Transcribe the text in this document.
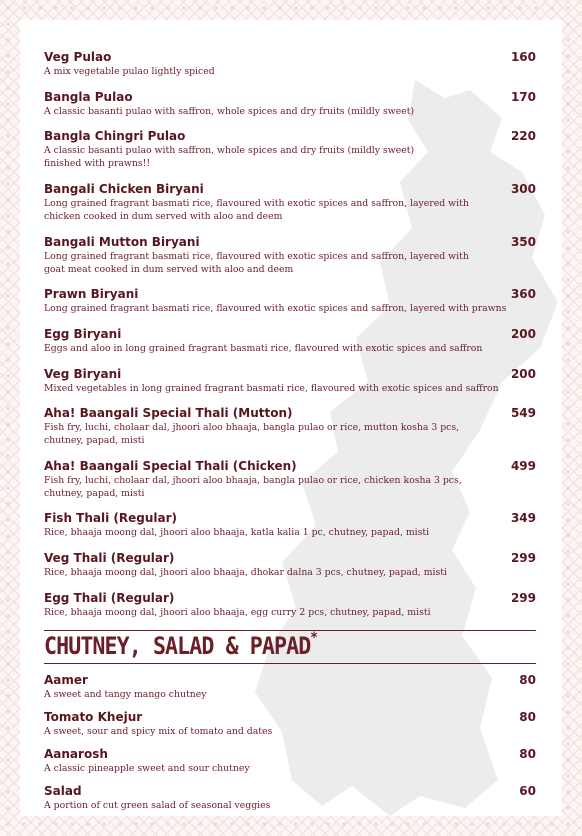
Veg Pulao	160
A mix vegetable pulao lightly spiced
Bangla Pulao	170
A classic basanti pulao with saffron, whole spices and dry fruits (mildly sweet)
Bangla Chingri Pulao	220
A classic basanti pulao with saffron, whole spices and dry fruits (mildly sweet)
finished with prawns!!
Bangali Chicken Biryani	300
Long grained fragrant basmati rice, flavoured with exotic spices and saffron, layered with
chicken cooked in dum served with aloo and deem
Bangali Mutton Biryani	350
Long grained fragrant basmati rice, flavoured with exotic spices and saffron, layered with
goat meat cooked in dum served with aloo and deem
Prawn Biryani	360
Long grained fragrant basmati rice, flavoured with exotic spices and saffron, layered with prawns
Egg Biryani	200
Eggs and aloo in long grained fragrant basmati rice, flavoured with exotic spices and saffron
Veg Biryani	200
Mixed vegetables in long grained fragrant basmati rice, flavoured with exotic spices and saffron
Aha! Baangali Special Thali (Mutton)	549
Fish fry, luchi, cholaar dal, jhoori aloo bhaaja, bangla pulao or rice, mutton kosha 3 pcs,
chutney, papad, misti
Aha! Baangali Special Thali (Chicken)	499
Fish fry, luchi, cholaar dal, jhoori aloo bhaaja, bangla pulao or rice, chicken kosha 3 pcs,
chutney, papad, misti
Fish Thali (Regular)	349
Rice, bhaaja moong dal, jhoori aloo bhaaja, katla kalia 1 pc, chutney, papad, misti
Veg Thali (Regular)	299
Rice, bhaaja moong dal, jhoori aloo bhaaja, dhokar dalna 3 pcs, chutney, papad, misti
Egg Thali (Regular)	299
Rice, bhaaja moong dal, jhoori aloo bhaaja, egg curry 2 pcs, chutney, papad, misti
CHUTNEY, SALAD & PAPAD*
Aamer	80
A sweet and tangy mango chutney
Tomato Khejur	80
A sweet, sour and spicy mix of tomato and dates
Aanarosh	80
A classic pineapple sweet and sour chutney
Salad	60
A portion of cut green salad of seasonal veggies
